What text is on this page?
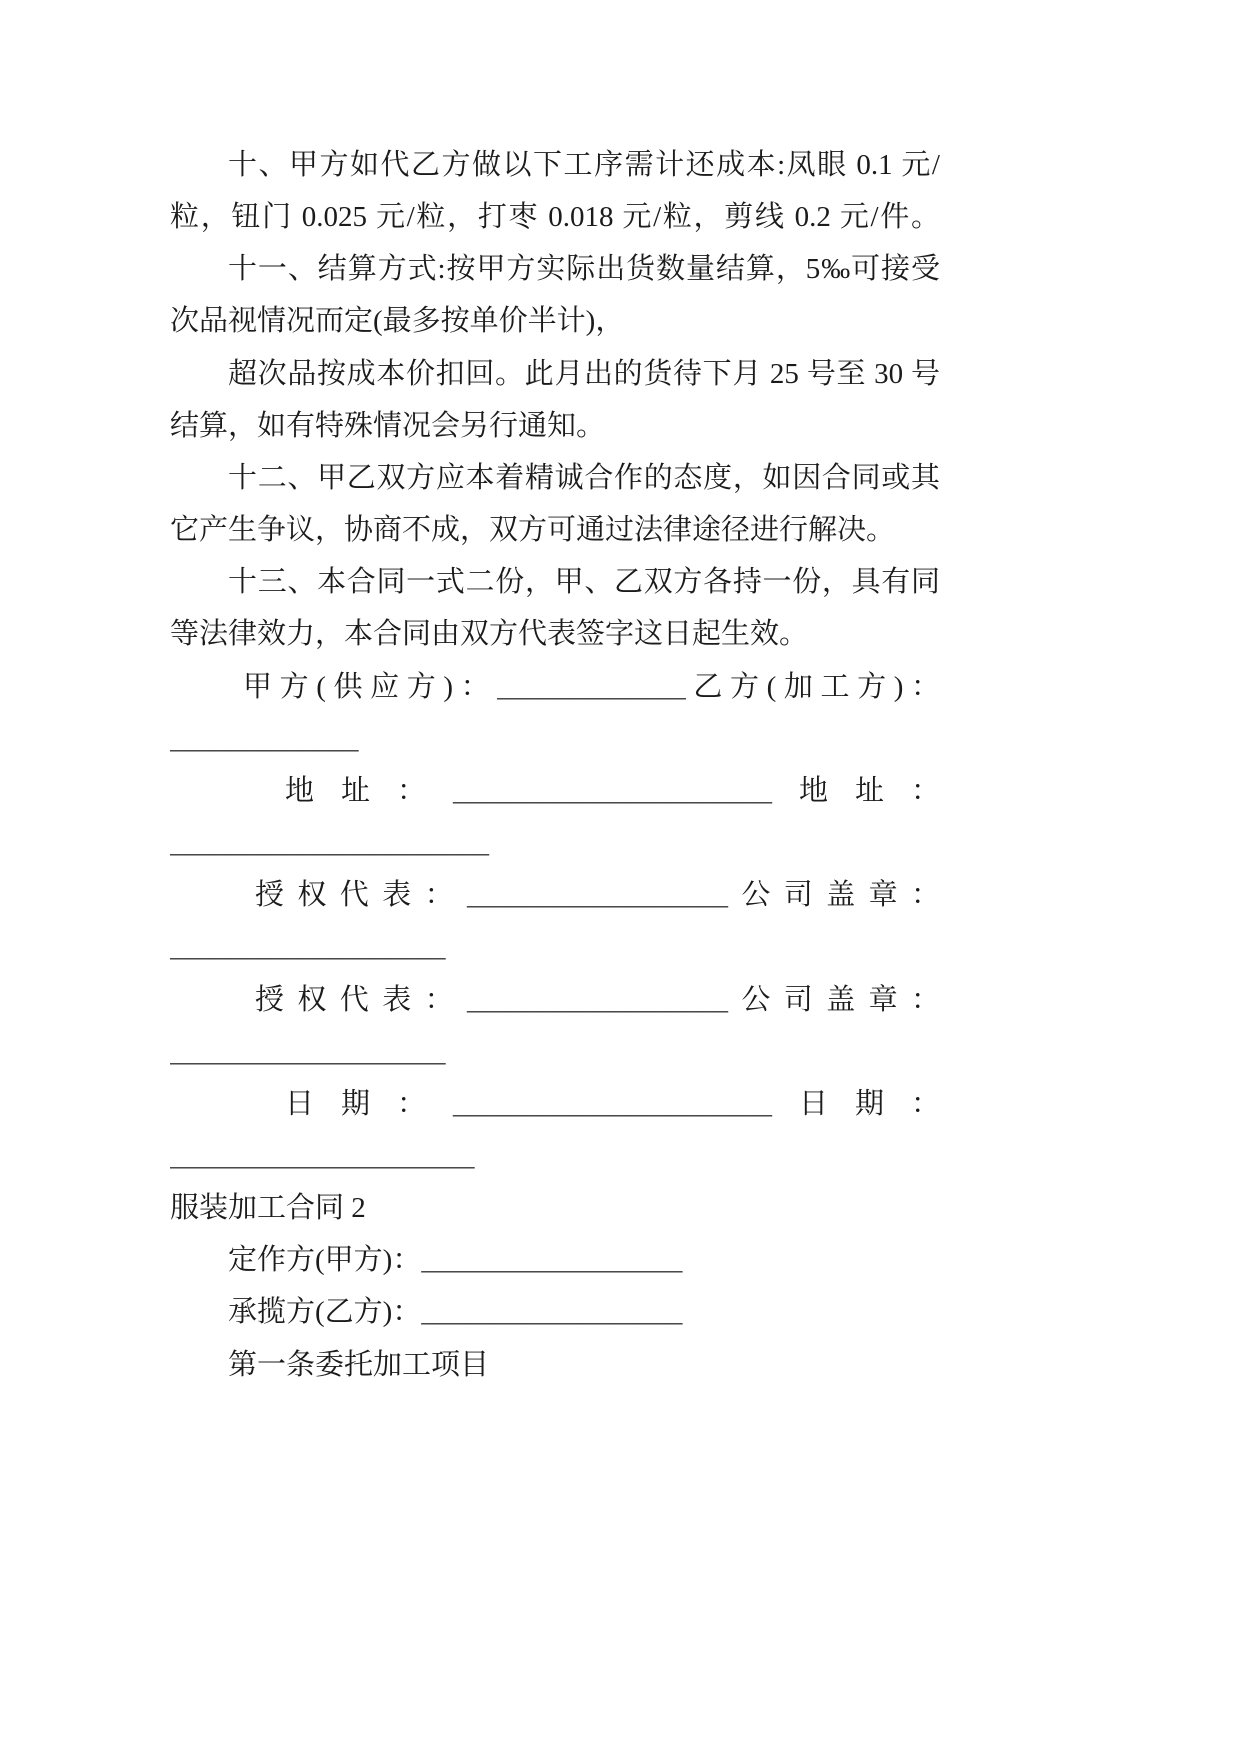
十、甲方如代乙方做以下工序需计还成本:凤眼 0.1 元/
粒，钮门 0.025 元/粒，打枣 0.018 元/粒，剪线 0.2 元/件。
十一、结算方式:按甲方实际出货数量结算，5‰可接受
次品视情况而定(最多按单价半计)，
超次品按成本价扣回。此月出的货待下月 25 号至 30 号
结算，如有特殊情况会另行通知。
十二、甲乙双方应本着精诚合作的态度，如因合同或其
它产生争议，协商不成，双方可通过法律途径进行解决。
十三、本合同一式二份，甲、乙双方各持一份，具有同
等法律效力，本合同由双方代表签字这日起生效。
甲方(供应方)：_____________乙方(加工方)：
_____________
地址：______________________地址：
______________________
授权代表：__________________公司盖章：
___________________
授权代表：__________________公司盖章：
___________________
日期：______________________日期：
_____________________
服装加工合同 2
定作方(甲方)：__________________
承揽方(乙方)：__________________
第一条委托加工项目
